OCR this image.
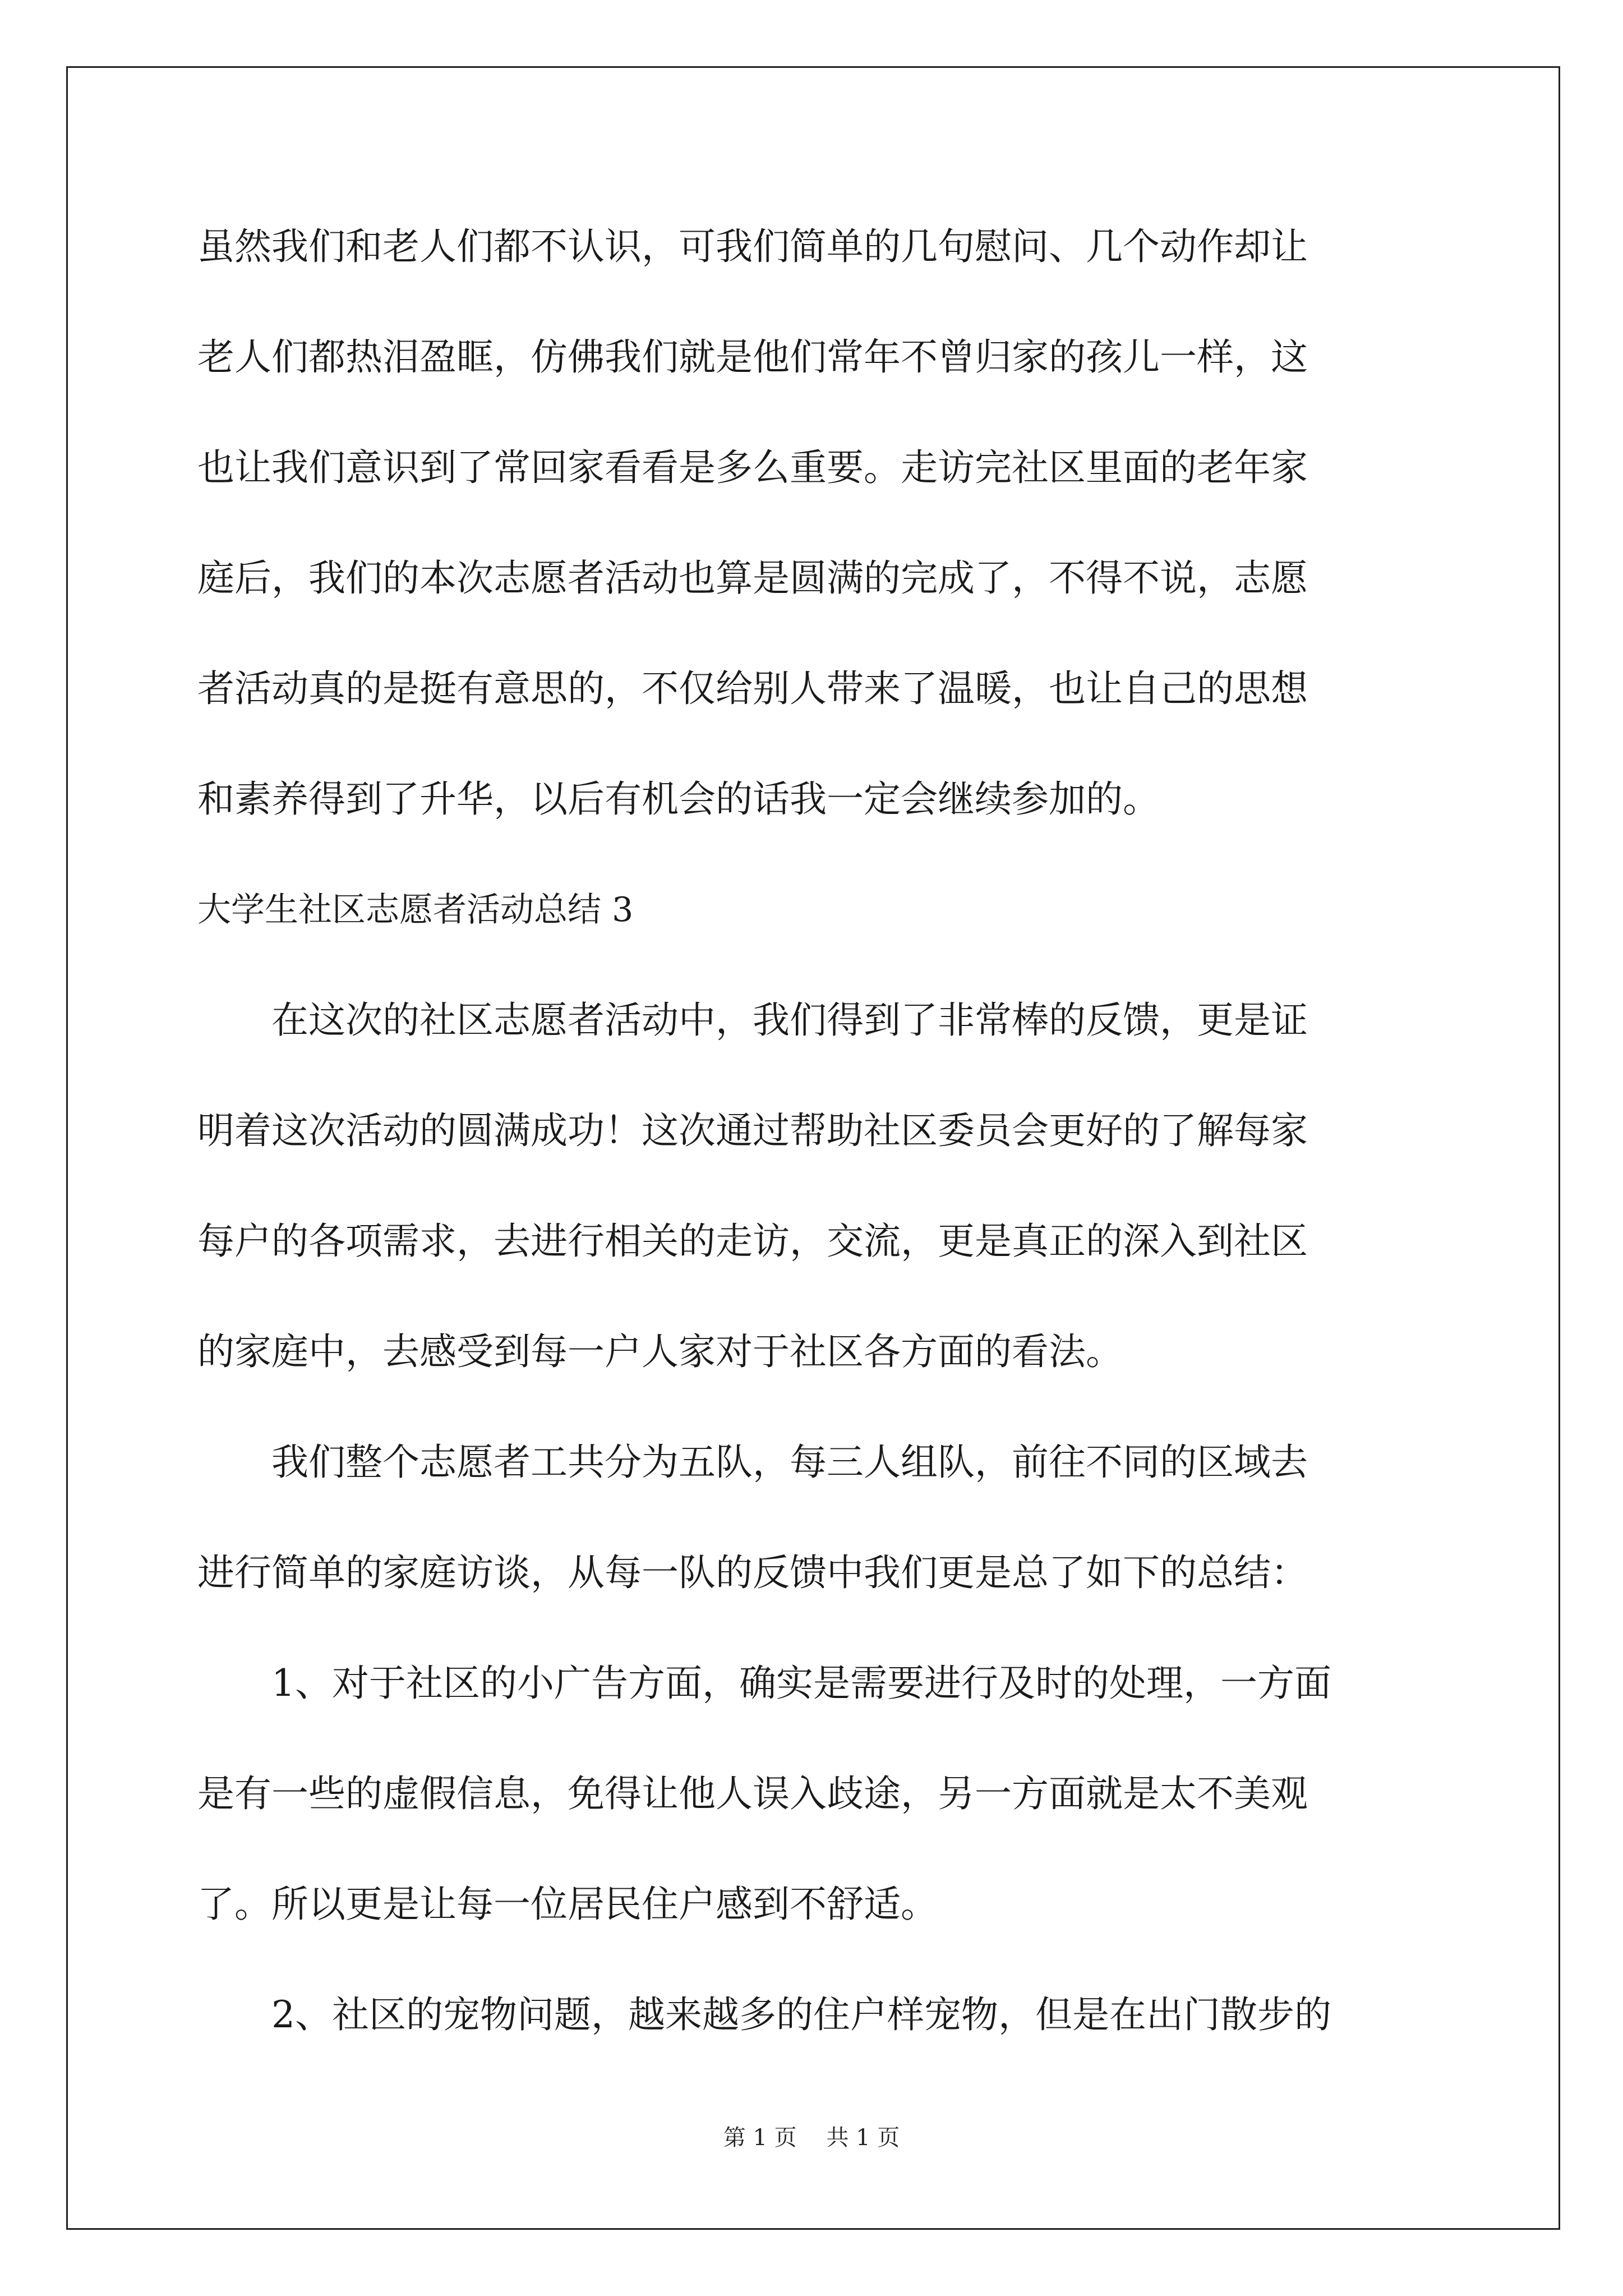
虽然我们和老人们都不认识，可我们简单的几句慰问、几个动作却让
老人们都热泪盈眶，仿佛我们就是他们常年不曾归家的孩儿一样，这
也让我们意识到了常回家看看是多么重要。走访完社区里面的老年家
庭后，我们的本次志愿者活动也算是圆满的完成了，不得不说，志愿
者活动真的是挺有意思的，不仅给别人带来了温暖，也让自己的思想
和素养得到了升华，以后有机会的话我一定会继续参加的。
大学生社区志愿者活动总结 3
在这次的社区志愿者活动中，我们得到了非常棒的反馈，更是证
明着这次活动的圆满成功！这次通过帮助社区委员会更好的了解每家
每户的各项需求，去进行相关的走访，交流，更是真正的深入到社区
的家庭中，去感受到每一户人家对于社区各方面的看法。
我们整个志愿者工共分为五队，每三人组队，前往不同的区域去
进行简单的家庭访谈，从每一队的反馈中我们更是总了如下的总结：
1、对于社区的小广告方面，确实是需要进行及时的处理，一方面
是有一些的虚假信息，免得让他人误入歧途，另一方面就是太不美观
了。所以更是让每一位居民住户感到不舒适。
2、社区的宠物问题，越来越多的住户样宠物，但是在出门散步的
第 1 页 共 1 页
